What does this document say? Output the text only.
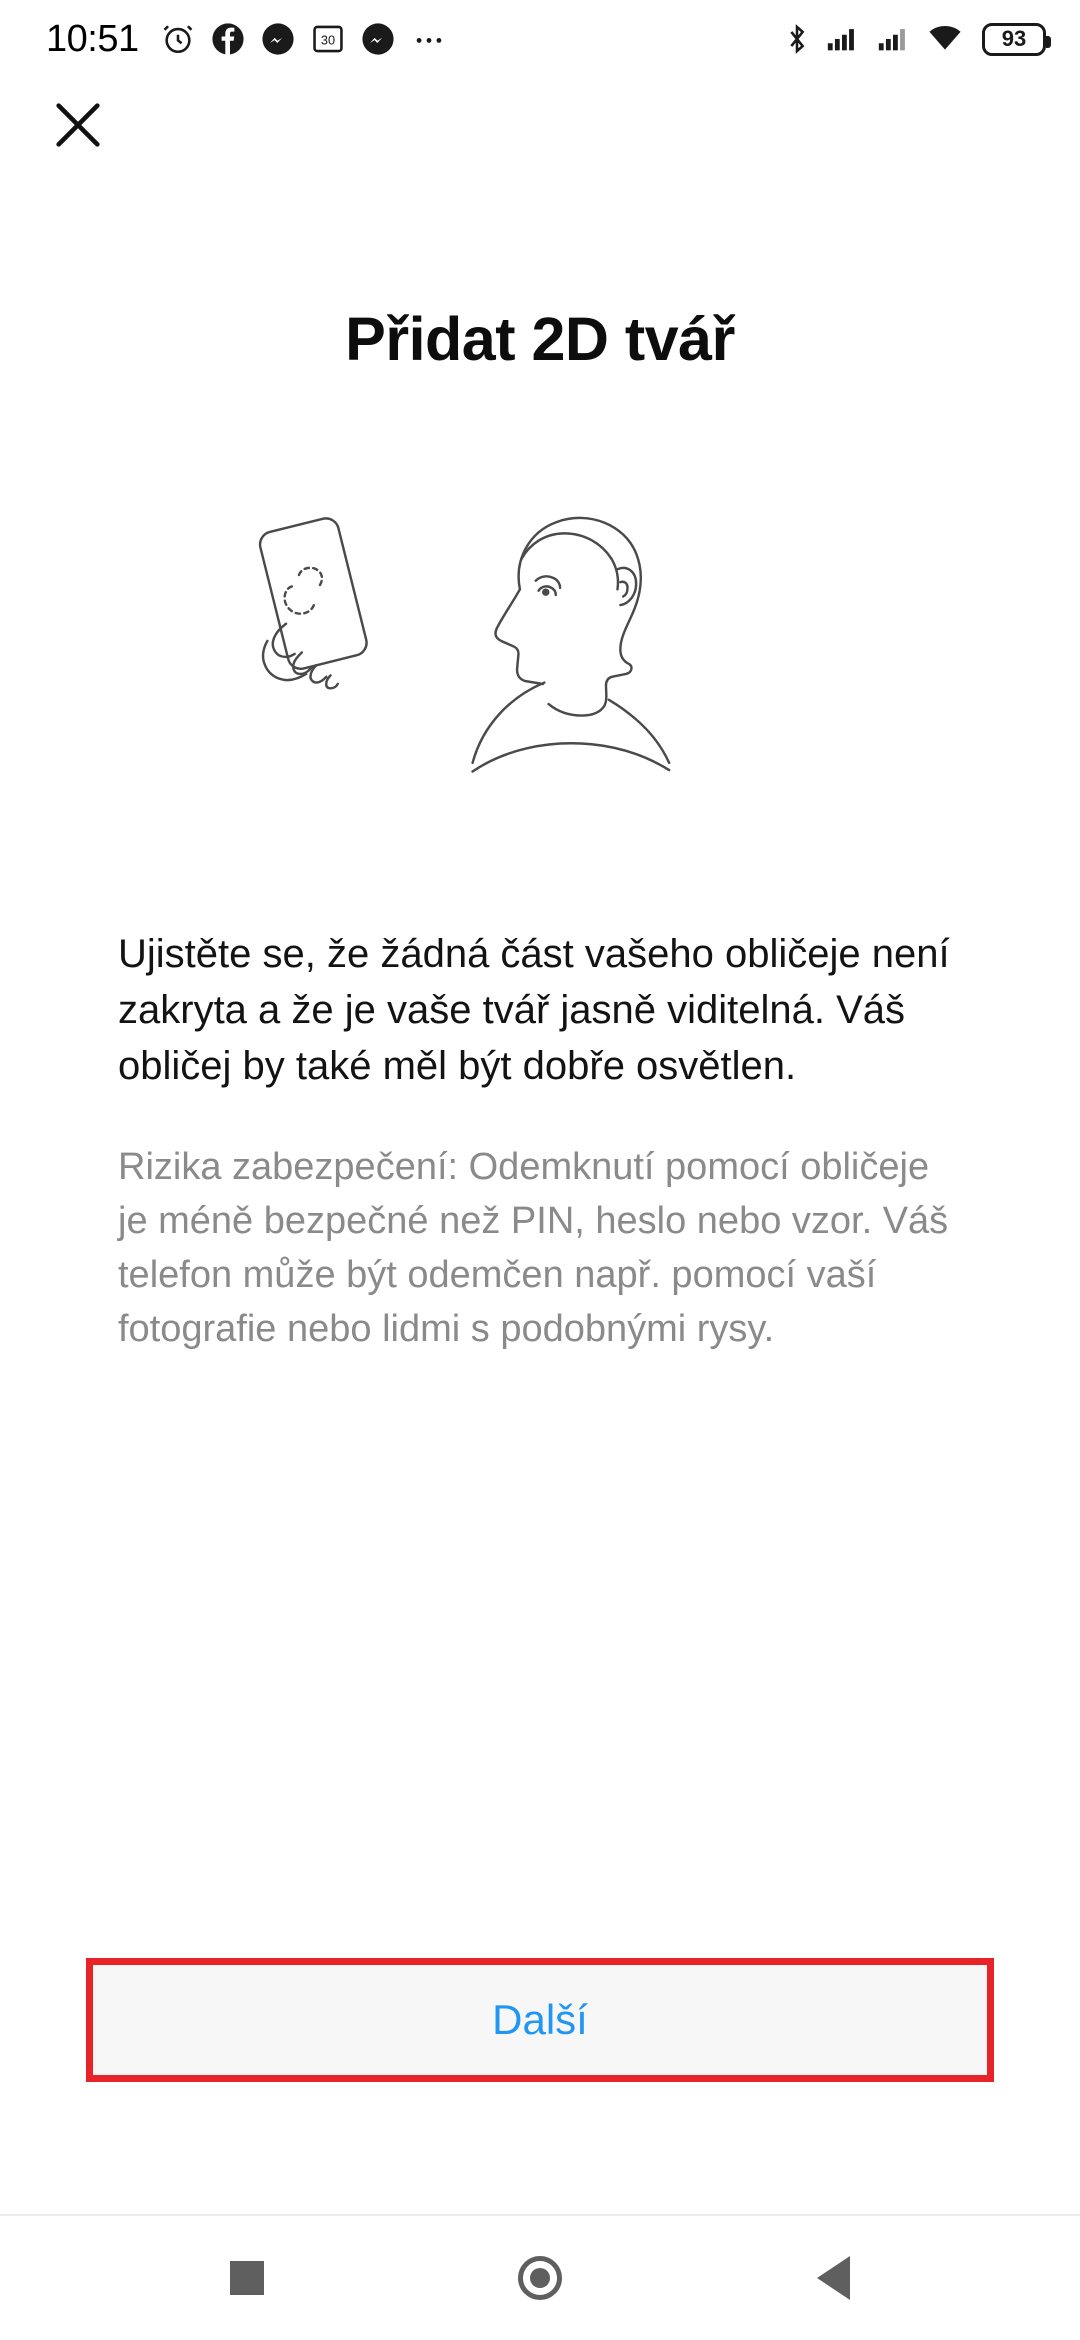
10:51	30	93
Přidat 2D tvář

Ujistěte se, že žádná část vašeho obličeje není zakryta a že je vaše tvář jasně viditelná. Váš obličej by také měl být dobře osvětlen.

Rizika zabezpečení: Odemknutí pomocí obličeje je méně bezpečné než PIN, heslo nebo vzor. Váš telefon může být odemčen např. pomocí vaší fotografie nebo lidmi s podobnými rysy.

Další
